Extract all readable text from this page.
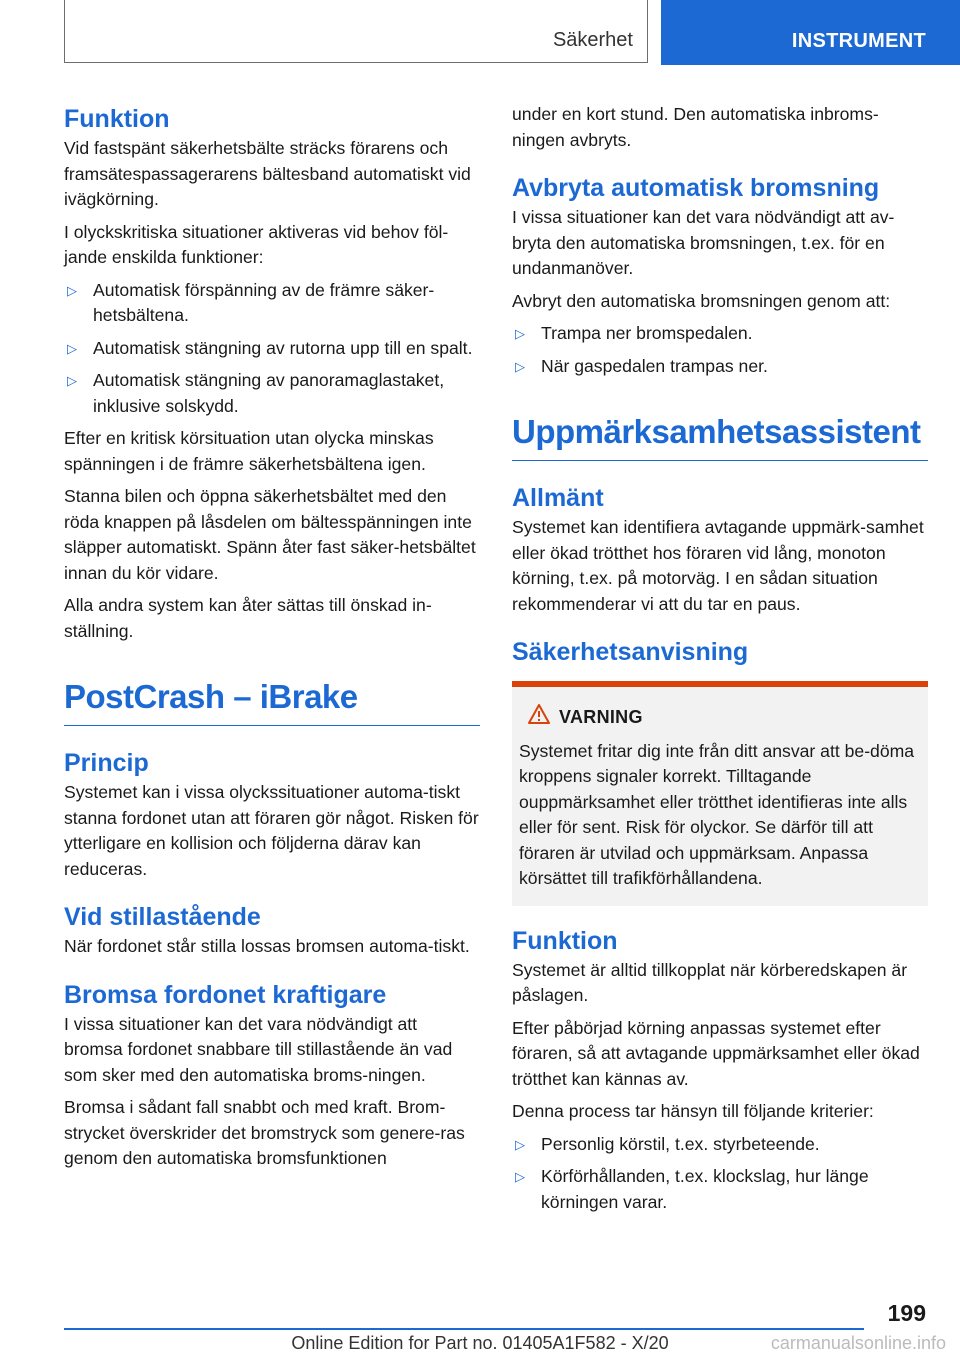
Säkerhet	INSTRUMENT
Funktion

Vid fastspänt säkerhetsbälte sträcks förarens och framsätespassagerarens bältesband automatiskt vid ivägkörning.

I olyckskritiska situationer aktiveras vid behov föl-jande enskilda funktioner:

▷ Automatisk förspänning av de främre säker-hetsbältena.
▷ Automatisk stängning av rutorna upp till en spalt.
▷ Automatisk stängning av panoramaglastaket, inklusive solskydd.

Efter en kritisk körsituation utan olycka minskas spänningen i de främre säkerhetsbältena igen.

Stanna bilen och öppna säkerhetsbältet med den röda knappen på låsdelen om bältesspänningen inte släpper automatiskt. Spänn åter fast säker-hetsbältet innan du kör vidare.

Alla andra system kan åter sättas till önskad in-ställning.

PostCrash – iBrake
Princip

Systemet kan i vissa olyckssituationer automa-tiskt stanna fordonet utan att föraren gör något. Risken för ytterligare en kollision och följderna därav kan reduceras.

Vid stillastående

När fordonet står stilla lossas bromsen automa-tiskt.

Bromsa fordonet kraftigare

I vissa situationer kan det vara nödvändigt att bromsa fordonet snabbare till stillastående än vad som sker med den automatiska broms-ningen.

Bromsa i sådant fall snabbt och med kraft. Brom-strycket överskrider det bromstryck som genere-ras genom den automatiska bromsfunktionen

under en kort stund. Den automatiska inbroms-ningen avbryts.

Avbryta automatisk bromsning

I vissa situationer kan det vara nödvändigt att av-bryta den automatiska bromsningen, t.ex. för en undanmanöver.

Avbryt den automatiska bromsningen genom att:

▷ Trampa ner bromspedalen.
▷ När gaspedalen trampas ner.
Uppmärksamhetsassistent
Allmänt

Systemet kan identifiera avtagande uppmärk-samhet eller ökad trötthet hos föraren vid lång, monoton körning, t.ex. på motorväg. I en sådan situation rekommenderar vi att du tar en paus.

Säkerhetsanvisning
VARNING
Systemet fritar dig inte från ditt ansvar att be-döma kroppens signaler korrekt. Tilltagande ouppmärksamhet eller trötthet identifieras inte alls eller för sent. Risk för olyckor. Se därför till att föraren är utvilad och uppmärksam. Anpassa körsättet till trafikförhållandena.
Funktion

Systemet är alltid tillkopplat när körberedskapen är påslagen.

Efter påbörjad körning anpassas systemet efter föraren, så att avtagande uppmärksamhet eller ökad trötthet kan kännas av.

Denna process tar hänsyn till följande kriterier:

▷ Personlig körstil, t.ex. styrbeteende.
▷ Körförhållanden, t.ex. klockslag, hur länge körningen varar.
199
Online Edition for Part no. 01405A1F582 - X/20	carmanualsonline.info
